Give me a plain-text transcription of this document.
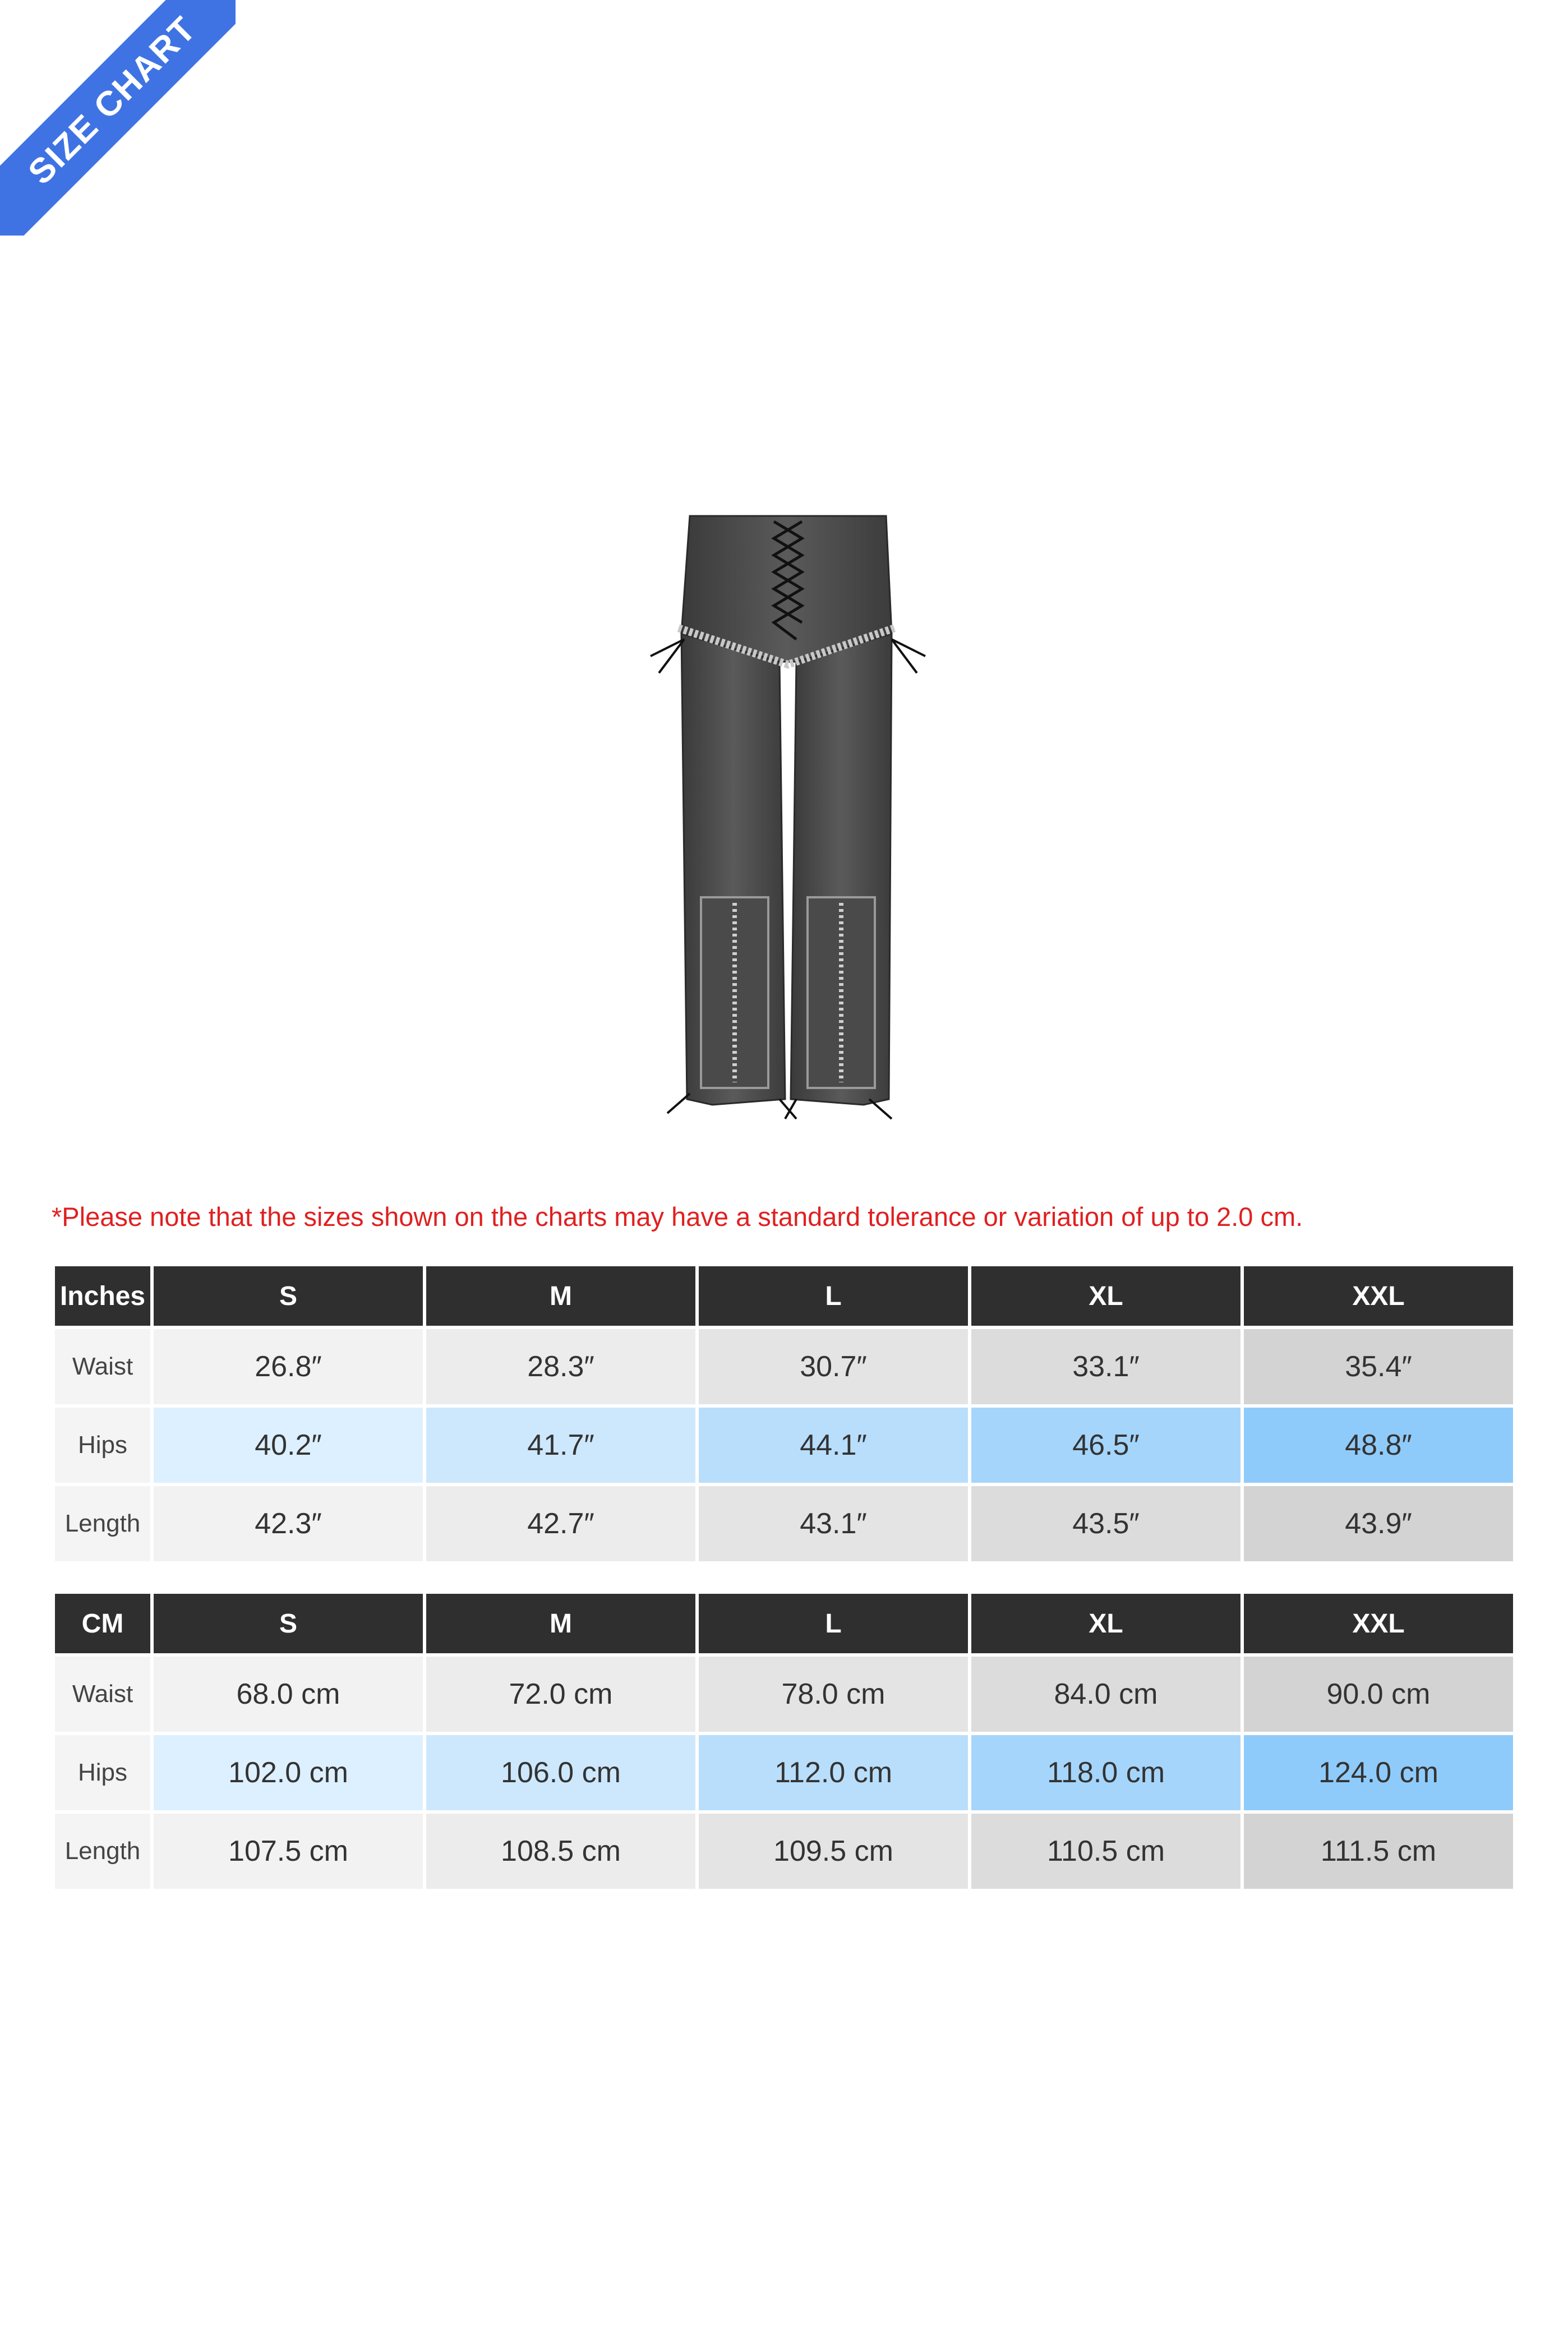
SIZE CHART
*Please note that the sizes shown on the charts may have a standard tolerance or variation of up to 2.0 cm.
Inches	S	M	L	XL	XXL
Waist	26.8″	28.3″	30.7″	33.1″	35.4″
Hips	40.2″	41.7″	44.1″	46.5″	48.8″
Length	42.3″	42.7″	43.1″	43.5″	43.9″
CM	S	M	L	XL	XXL
Waist	68.0 cm	72.0 cm	78.0 cm	84.0 cm	90.0 cm
Hips	102.0 cm	106.0 cm	112.0 cm	118.0 cm	124.0 cm
Length	107.5 cm	108.5 cm	109.5 cm	110.5 cm	111.5 cm
